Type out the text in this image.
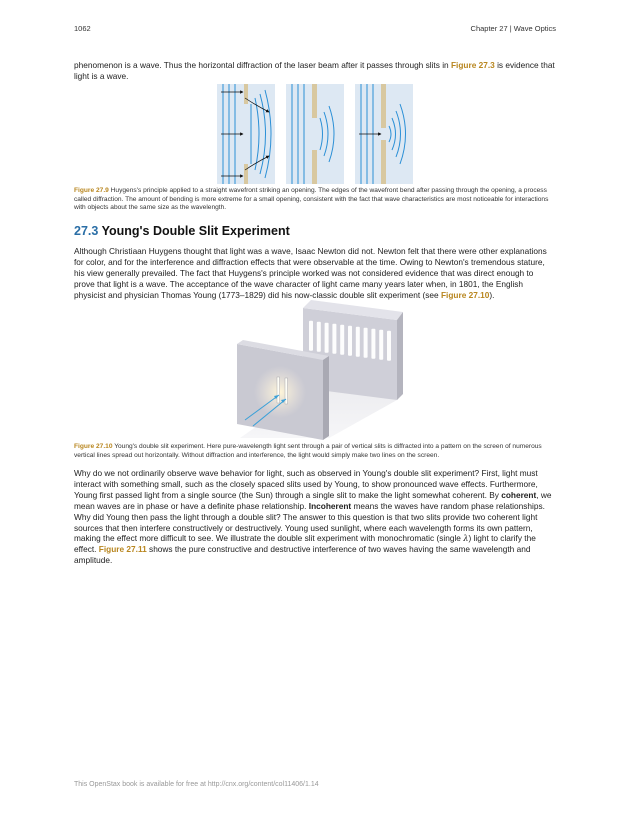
1062	Chapter 27 | Wave Optics

phenomenon is a wave. Thus the horizontal diffraction of the laser beam after it passes through slits in Figure 27.3 is evidence that light is a wave.

Figure 27.9 Huygens's principle applied to a straight wavefront striking an opening. The edges of the wavefront bend after passing through the opening, a process called diffraction. The amount of bending is more extreme for a small opening, consistent with the fact that wave characteristics are most noticeable for interactions with objects about the same size as the wavelength.

27.3 Young's Double Slit Experiment

Although Christiaan Huygens thought that light was a wave, Isaac Newton did not. Newton felt that there were other explanations for color, and for the interference and diffraction effects that were observable at the time. Owing to Newton's tremendous stature, his view generally prevailed. The fact that Huygens's principle worked was not considered evidence that was direct enough to prove that light is a wave. The acceptance of the wave character of light came many years later when, in 1801, the English physicist and physician Thomas Young (1773–1829) did his now-classic double slit experiment (see Figure 27.10).

Figure 27.10 Young's double slit experiment. Here pure-wavelength light sent through a pair of vertical slits is diffracted into a pattern on the screen of numerous vertical lines spread out horizontally. Without diffraction and interference, the light would simply make two lines on the screen.

Why do we not ordinarily observe wave behavior for light, such as observed in Young's double slit experiment? First, light must interact with something small, such as the closely spaced slits used by Young, to show pronounced wave effects. Furthermore, Young first passed light from a single source (the Sun) through a single slit to make the light somewhat coherent. By coherent, we mean waves are in phase or have a definite phase relationship. Incoherent means the waves have random phase relationships. Why did Young then pass the light through a double slit? The answer to this question is that two slits provide two coherent light sources that then interfere constructively or destructively. Young used sunlight, where each wavelength forms its own pattern, making the effect more difficult to see. We illustrate the double slit experiment with monochromatic (single λ) light to clarify the effect. Figure 27.11 shows the pure constructive and destructive interference of two waves having the same wavelength and amplitude.

This OpenStax book is available for free at http://cnx.org/content/col11406/1.14
